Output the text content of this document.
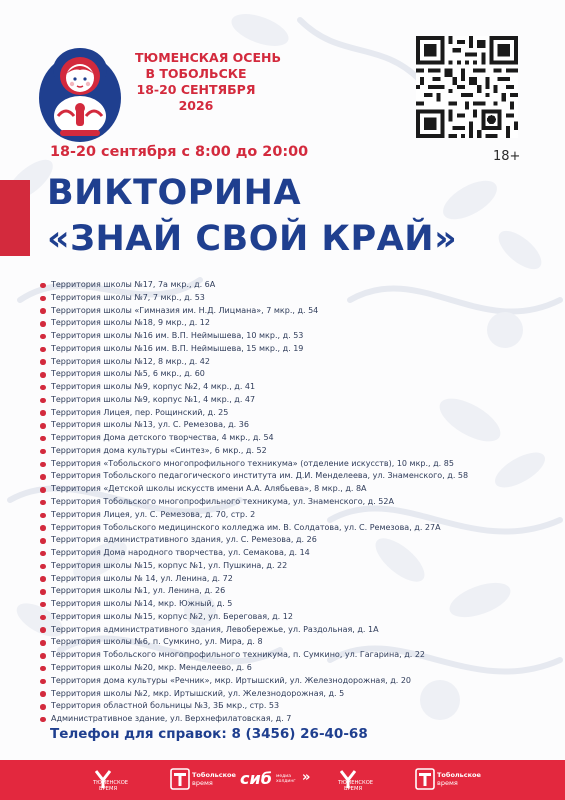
ТЮМЕНСКАЯ ОСЕНЬ
В ТОБОЛЬСКЕ
18-20 СЕНТЯБРЯ
2026
18-20 сентября с 8:00 до 20:00	18+
ВИКТОРИНА
«ЗНАЙ СВОЙ КРАЙ»
Территория школы №17, 7а мкр., д. 6А
Территория школы №7, 7 мкр., д. 53
Территория школы «Гимназия им. Н.Д. Лицмана», 7 мкр., д. 54
Территория школы №18, 9 мкр., д. 12
Территория школы №16 им. В.П. Неймышева, 10 мкр., д. 53
Территория школы №16 им. В.П. Неймышева, 15 мкр., д. 19
Территория школы №12, 8 мкр., д. 42
Территория школы №5, 6 мкр., д. 60
Территория школы №9, корпус №2, 4 мкр., д. 41
Территория школы №9, корпус №1, 4 мкр., д. 47
Территория Лицея, пер. Рощинский, д. 25
Территория школы №13, ул. С. Ремезова, д. 36
Территория Дома детского творчества, 4 мкр., д. 54
Территория дома культуры «Синтез», 6 мкр., д. 52
Территория «Тобольского многопрофильного техникума» (отделение искусств), 10 мкр., д. 85
Территория Тобольского педагогического института им. Д.И. Менделеева, ул. Знаменского, д. 58
Территория «Детской школы искусств имени А.А. Алябьева», 8 мкр., д. 8А
Территория Тобольского многопрофильного техникума, ул. Знаменского, д. 52А
Территория Лицея, ул. С. Ремезова, д. 70, стр. 2
Территория Тобольского медицинского колледжа им. В. Солдатова, ул. С. Ремезова, д. 27А
Территория административного здания, ул. С. Ремезова, д. 26
Территория Дома народного творчества, ул. Семакова, д. 14
Территория школы №15, корпус №1, ул. Пушкина, д. 22
Территория школы № 14, ул. Ленина, д. 72
Территория школы №1, ул. Ленина, д. 26
Территория школы №14, мкр. Южный, д. 5
Территория школы №15, корпус №2, ул. Береговая, д. 12
Территория административного здания, Левобережье, ул. Раздольная, д. 1А
Территория школы №6, п. Сумкино, ул. Мира, д. 8
Территория Тобольского многопрофильного техникума, п. Сумкино, ул. Гагарина, д. 22
Территория школы №20, мкр. Менделеево, д. 6
Территория дома культуры «Речник», мкр. Иртышский, ул. Железнодорожная, д. 20
Территория школы №2, мкр. Иртышский, ул. Железнодорожная, д. 5
Территория областной больницы №3, 3Б мкр., стр. 53
Административное здание, ул. Верхнефилатовская, д. 7
Телефон для справок: 8 (3456) 26-40-68
ТЮМЕНСКОЕ
ВРЕМЯ
Тобольское
время сиб медиа
холдинг »	ТЮМЕНСКОЕ
ВРЕМЯ
Тобольское
время
